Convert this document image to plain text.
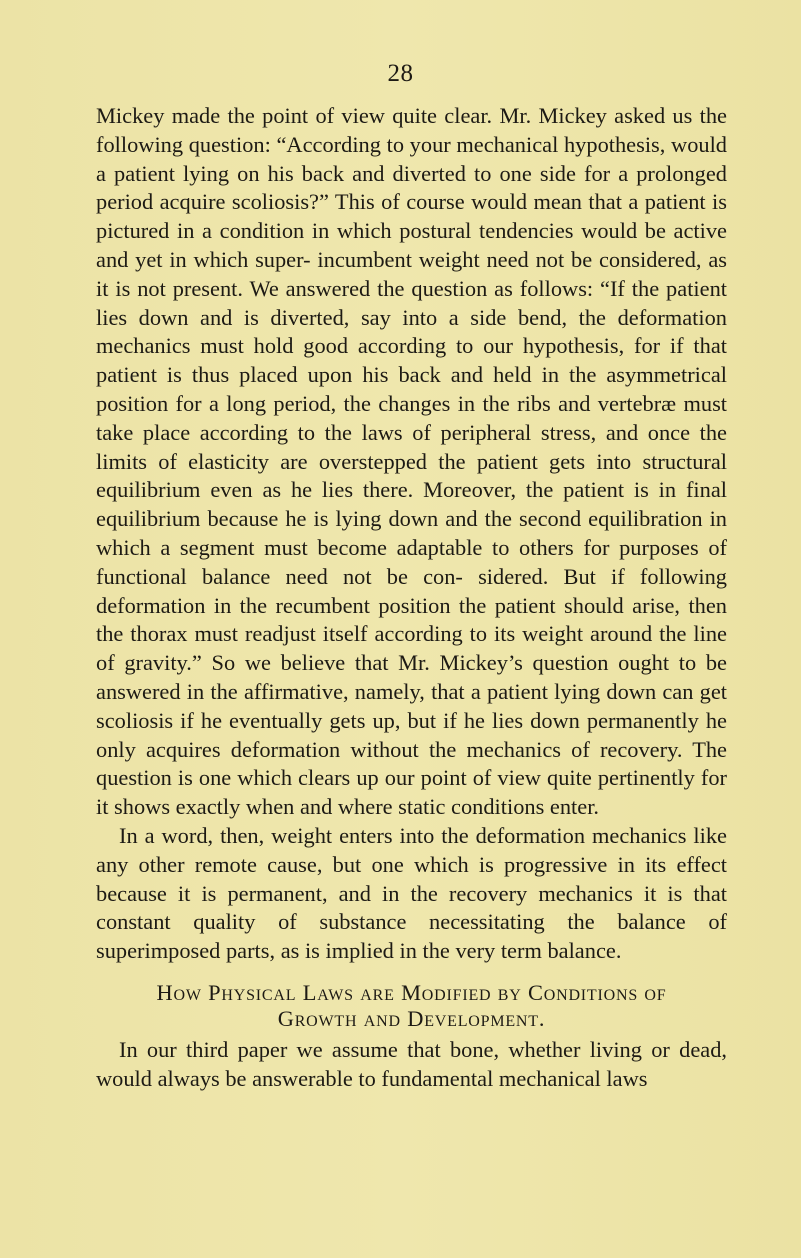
28

Mickey made the point of view quite clear. Mr. Mickey asked us the following question: “According to your mechanical hypothesis, would a patient lying on his back and diverted to one side for a prolonged period acquire scoliosis?” This of course would mean that a patient is pictured in a condition in which postural tendencies would be active and yet in which super- incumbent weight need not be considered, as it is not present. We answered the question as follows: “If the patient lies down and is diverted, say into a side bend, the deformation mechanics must hold good according to our hypothesis, for if that patient is thus placed upon his back and held in the asymmetrical position for a long period, the changes in the ribs and vertebræ must take place according to the laws of peripheral stress, and once the limits of elasticity are overstepped the patient gets into structural equilibrium even as he lies there. Moreover, the patient is in final equilibrium because he is lying down and the second equilibration in which a segment must become adaptable to others for purposes of functional balance need not be con- sidered. But if following deformation in the recumbent position the patient should arise, then the thorax must readjust itself according to its weight around the line of gravity.” So we believe that Mr. Mickey’s question ought to be answered in the affirmative, namely, that a patient lying down can get scoliosis if he eventually gets up, but if he lies down permanently he only acquires deformation without the mechanics of recovery. The question is one which clears up our point of view quite pertinently for it shows exactly when and where static conditions enter.

In a word, then, weight enters into the deformation mechanics like any other remote cause, but one which is progressive in its effect because it is permanent, and in the recovery mechanics it is that constant quality of substance necessitating the balance of superimposed parts, as is implied in the very term balance.

How Physical Laws are Modified by Conditions of
Growth and Development.

In our third paper we assume that bone, whether living or dead, would always be answerable to fundamental mechanical laws
